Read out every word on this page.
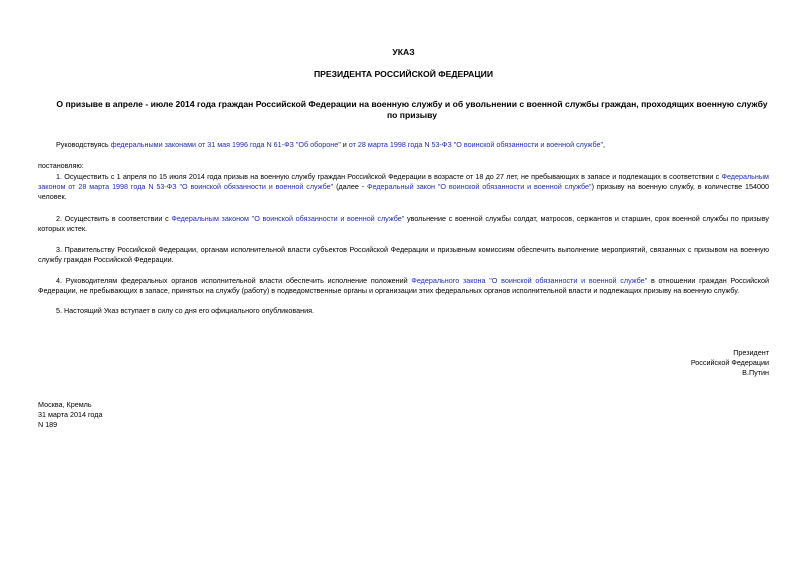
УКАЗ
ПРЕЗИДЕНТА РОССИЙСКОЙ ФЕДЕРАЦИИ
О призыве в апреле - июле 2014 года граждан Российской Федерации на военную службу и об увольнении с военной службы граждан, проходящих военную службу по призыву
Руководствуясь федеральными законами от 31 мая 1996 года N 61-ФЗ "Об обороне" и от 28 марта 1998 года N 53-ФЗ "О воинской обязанности и военной службе",
постановляю:
1. Осуществить с 1 апреля по 15 июля 2014 года призыв на военную службу граждан Российской Федерации в возрасте от 18 до 27 лет, не пребывающих в запасе и подлежащих в соответствии с Федеральным законом от 28 марта 1998 года N 53-ФЗ "О воинской обязанности и военной службе" (далее - Федеральный закон "О воинской обязанности и военной службе") призыву на военную службу, в количестве 154000 человек.
2. Осуществить в соответствии с Федеральным законом "О воинской обязанности и военной службе" увольнение с военной службы солдат, матросов, сержантов и старшин, срок военной службы по призыву которых истек.
3. Правительству Российской Федерации, органам исполнительной власти субъектов Российской Федерации и призывным комиссиям обеспечить выполнение мероприятий, связанных с призывом на военную службу граждан Российской Федерации.
4. Руководителям федеральных органов исполнительной власти обеспечить исполнение положений Федерального закона "О воинской обязанности и военной службе" в отношении граждан Российской Федерации, не пребывающих в запасе, принятых на службу (работу) в подведомственные органы и организации этих федеральных органов исполнительной власти и подлежащих призыву на военную службу.
5. Настоящий Указ вступает в силу со дня его официального опубликования.
Президент
Российской Федерации
В.Путин
Москва, Кремль
31 марта 2014 года
N 189
